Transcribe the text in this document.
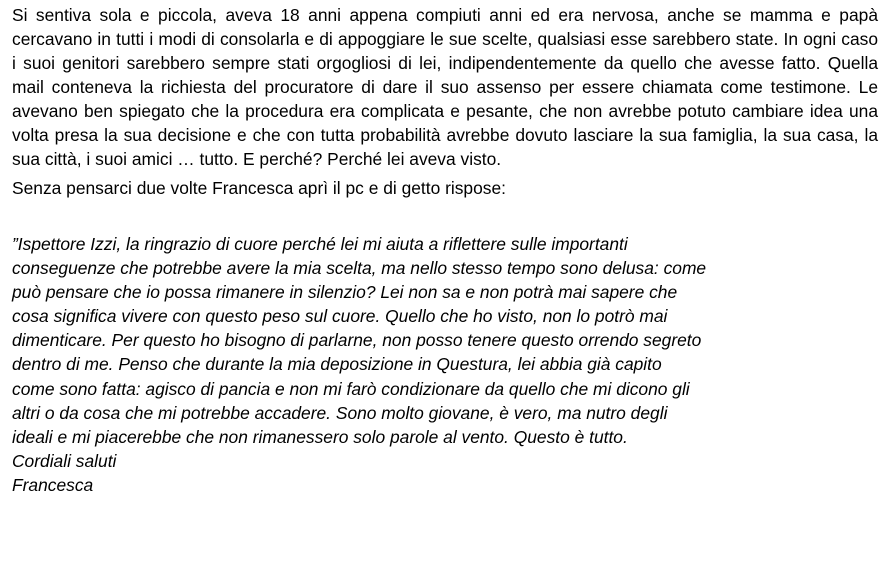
Si sentiva sola e piccola, aveva 18 anni appena compiuti anni ed era nervosa, anche se mamma e papà cercavano in tutti i modi di consolarla e di appoggiare le sue scelte, qualsiasi esse sarebbero state. In ogni caso i suoi genitori sarebbero sempre stati orgogliosi di lei, indipendentemente da quello che avesse fatto. Quella mail conteneva la richiesta del procuratore di dare il suo assenso per essere chiamata come testimone. Le avevano ben spiegato che la procedura era complicata e pesante, che non avrebbe potuto cambiare idea una volta presa la sua decisione e che con tutta probabilità avrebbe dovuto lasciare la sua famiglia, la sua casa, la sua città, i suoi amici … tutto. E perché? Perché lei aveva visto.

Senza pensarci due volte Francesca aprì il pc e di getto rispose:

”Ispettore Izzi, la ringrazio di cuore perché lei mi aiuta a riflettere sulle importanti
conseguenze che potrebbe avere la mia scelta, ma nello stesso tempo sono delusa: come
può pensare che io possa rimanere in silenzio? Lei non sa e non potrà mai sapere che
cosa significa vivere con questo peso sul cuore. Quello che ho visto, non lo potrò mai
dimenticare. Per questo ho bisogno di parlarne, non posso tenere questo orrendo segreto
dentro di me. Penso che durante la mia deposizione in Questura, lei abbia già capito
come sono fatta: agisco di pancia e non mi farò condizionare da quello che mi dicono gli
altri o da cosa che mi potrebbe accadere. Sono molto giovane, è vero, ma nutro degli
ideali e mi piacerebbe che non rimanessero solo parole al vento. Questo è tutto.
Cordiali saluti
Francesca
